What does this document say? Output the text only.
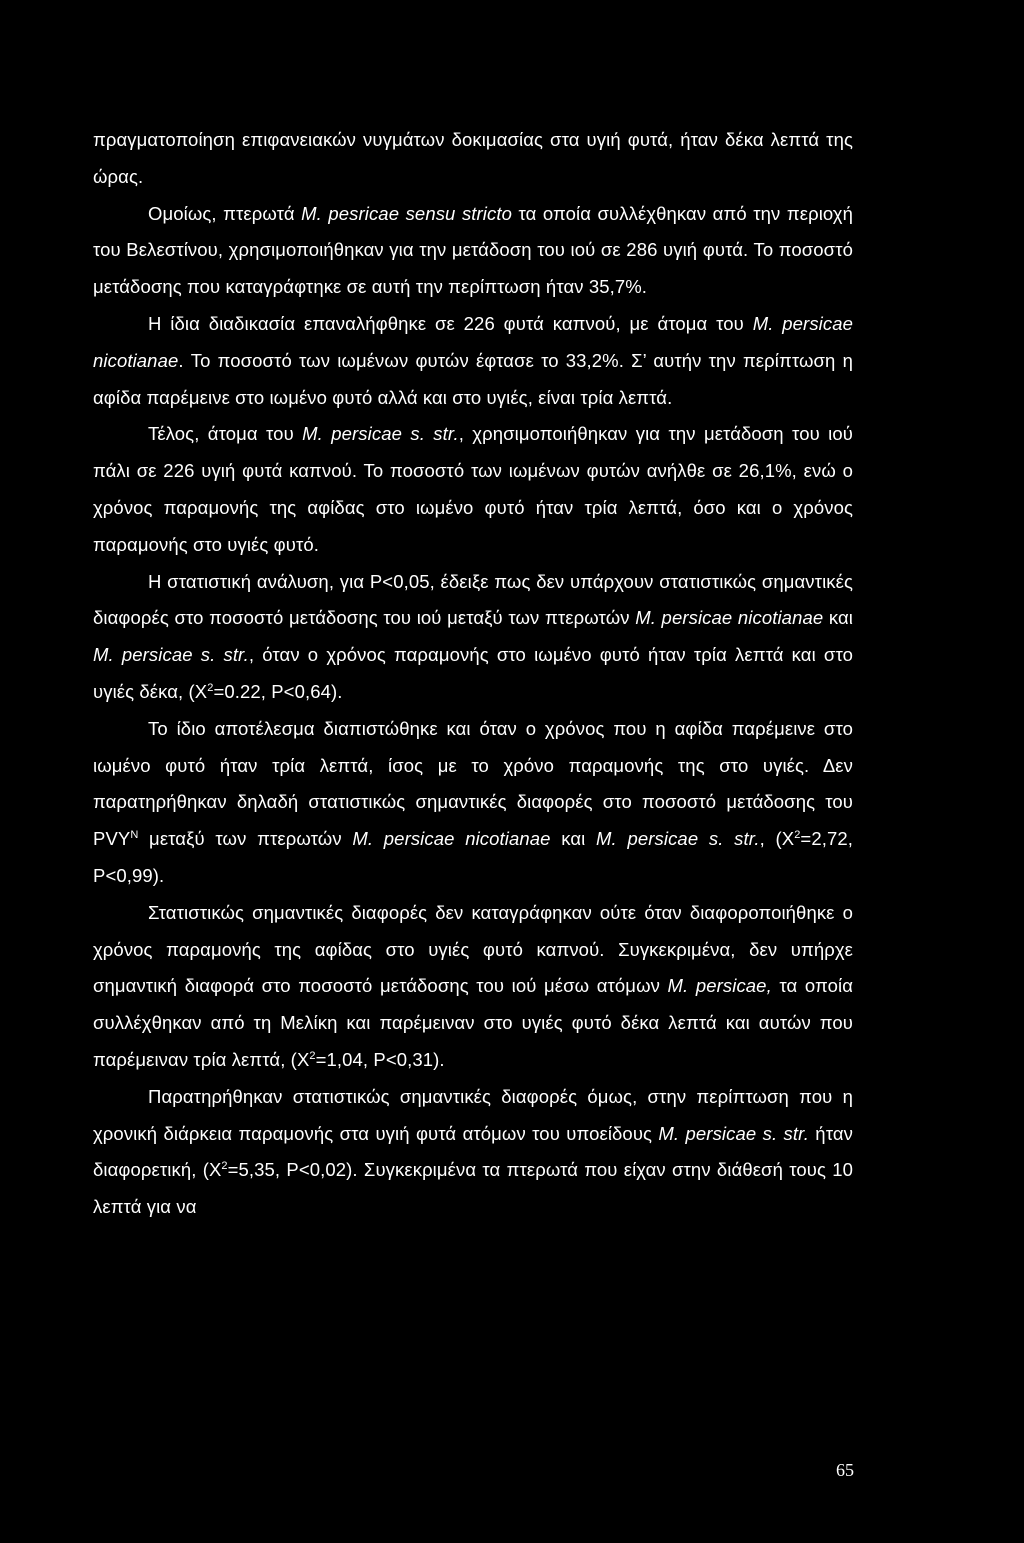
πραγματοποίηση επιφανειακών νυγμάτων δοκιμασίας στα υγιή φυτά, ήταν δέκα λεπτά της ώρας.

Ομοίως, πτερωτά Μ. pesricae sensu stricto τα οποία συλλέχθηκαν από την περιοχή του Βελεστίνου, χρησιμοποιήθηκαν για την μετάδοση του ιού σε 286 υγιή φυτά. Το ποσοστό μετάδοσης που καταγράφτηκε σε αυτή την περίπτωση ήταν 35,7%.

Η ίδια διαδικασία επαναλήφθηκε σε 226 φυτά καπνού, με άτομα του Μ. persicae nicotianae. Το ποσοστό των ιωμένων φυτών έφτασε το 33,2%. Σ’ αυτήν την περίπτωση η αφίδα παρέμεινε στο ιωμένο φυτό αλλά και στο υγιές, είναι τρία λεπτά.

Τέλος, άτομα του Μ. persicae s. str., χρησιμοποιήθηκαν για την μετάδοση του ιού πάλι σε 226 υγιή φυτά καπνού. Το ποσοστό των ιωμένων φυτών ανήλθε σε 26,1%, ενώ ο χρόνος παραμονής της αφίδας στο ιωμένο φυτό ήταν τρία λεπτά, όσο και ο χρόνος παραμονής στο υγιές φυτό.

Η στατιστική ανάλυση, για P<0,05, έδειξε πως δεν υπάρχουν στατιστικώς σημαντικές διαφορές στο ποσοστό μετάδοσης του ιού μεταξύ των πτερωτών Μ. persicae nicotianae και Μ. persicae s. str., όταν ο χρόνος παραμονής στο ιωμένο φυτό ήταν τρία λεπτά και στο υγιές δέκα, ($X^2=0.22$, P<0,64).

Το ίδιο αποτέλεσμα διαπιστώθηκε και όταν ο χρόνος που η αφίδα παρέμεινε στο ιωμένο φυτό ήταν τρία λεπτά, ίσος με το χρόνο παραμονής της στο υγιές. Δεν παρατηρήθηκαν δηλαδή στατιστικώς σημαντικές διαφορές στο ποσοστό μετάδοσης του $PVY^N$ μεταξύ των πτερωτών Μ. persicae nicotianae και Μ. persicae s. str., ($X^2=2,72$, P<0,99).

Στατιστικώς σημαντικές διαφορές δεν καταγράφηκαν ούτε όταν διαφοροποιήθηκε ο χρόνος παραμονής της αφίδας στο υγιές φυτό καπνού. Συγκεκριμένα, δεν υπήρχε σημαντική διαφορά στο ποσοστό μετάδοσης του ιού μέσω ατόμων Μ. persicae, τα οποία συλλέχθηκαν από τη Μελίκη και παρέμειναν στο υγιές φυτό δέκα λεπτά και αυτών που παρέμειναν τρία λεπτά, ($X^2=1,04$, P<0,31).

Παρατηρήθηκαν στατιστικώς σημαντικές διαφορές όμως, στην περίπτωση που η χρονική διάρκεια παραμονής στα υγιή φυτά ατόμων του υποείδους Μ. persicae s. str. ήταν διαφορετική, ($X^2=5,35$, P<0,02). Συγκεκριμένα τα πτερωτά που είχαν στην διάθεσή τους 10 λεπτά για να

65
